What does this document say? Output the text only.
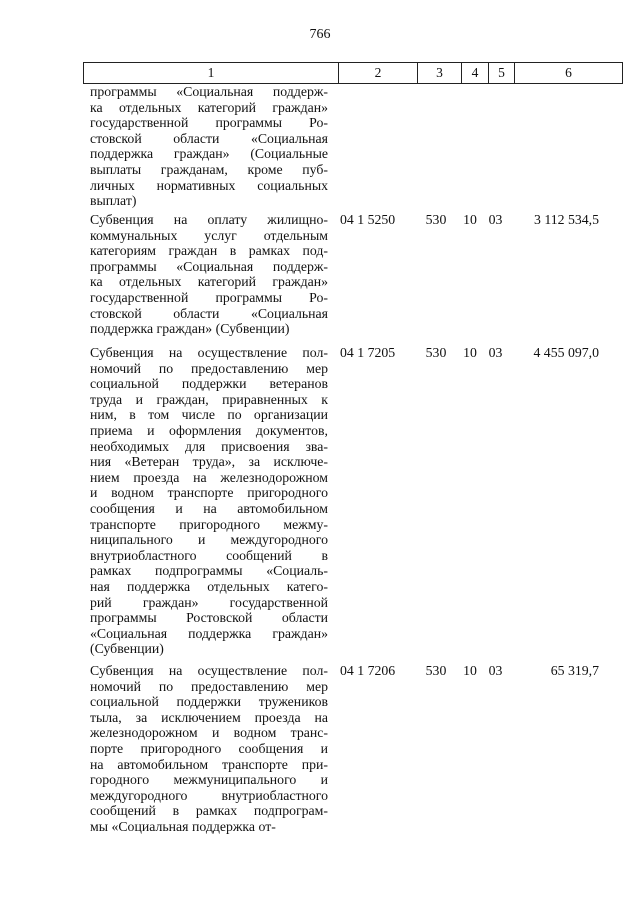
766
1	2	3	4	5	6
программы «Социальная поддерж-
ка отдельных категорий граждан»
государственной программы Ро-
стовской области «Социальная
поддержка граждан» (Социальные
выплаты гражданам, кроме пуб-
личных нормативных социальных
выплат)
Субвенция на оплату жилищно-
коммунальных услуг отдельным
категориям граждан в рамках под-
программы «Социальная поддерж-
ка отдельных категорий граждан»
государственной программы Ро-
стовской области «Социальная
поддержка граждан» (Субвенции)
04 1 5250	530	10 03	3 112 534,5
Субвенция на осуществление пол-
номочий по предоставлению мер
социальной поддержки ветеранов
труда и граждан, приравненных к
ним, в том числе по организации
приема и оформления документов,
необходимых для присвоения зва-
ния «Ветеран труда», за исключе-
нием проезда на железнодорожном
и водном транспорте пригородного
сообщения и на автомобильном
транспорте пригородного межму-
ниципального и междугородного
внутриобластного сообщений в
рамках подпрограммы «Социаль-
ная поддержка отдельных катего-
рий граждан» государственной
программы Ростовской области
«Социальная поддержка граждан»
(Субвенции)
04 1 7205	530	10 03	4 455 097,0
Субвенция на осуществление пол-
номочий по предоставлению мер
социальной поддержки тружеников
тыла, за исключением проезда на
железнодорожном и водном транс-
порте пригородного сообщения и
на автомобильном транспорте при-
городного межмуниципального и
междугородного внутриобластного
сообщений в рамках подпрограм-
мы «Социальная поддержка от-
04 1 7206	530	10 03	65 319,7
